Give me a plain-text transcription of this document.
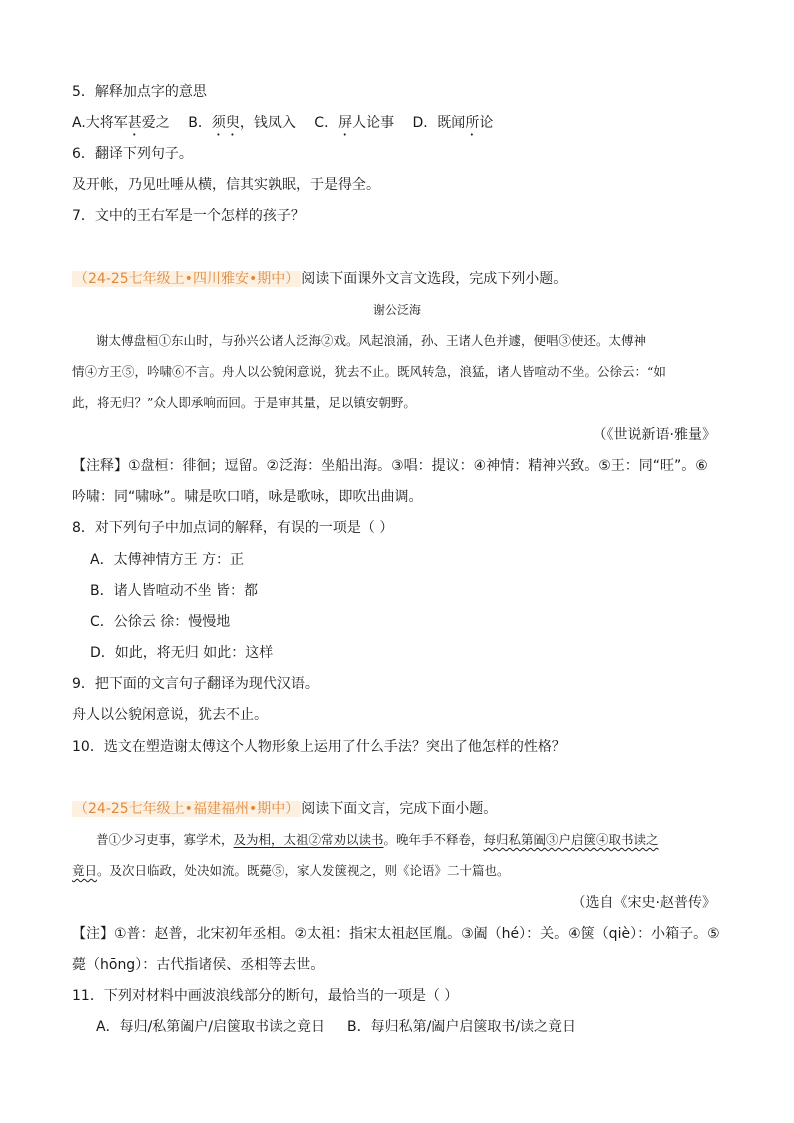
5．解释加点字的意思
A.大将军甚爱之 B．须臾，钱凤入 C．屏人论事 D．既闻所论
6．翻译下列句子。
及开帐，乃见吐唾从横，信其实孰眠，于是得全。
7．文中的王右军是一个怎样的孩子？
（24-25七年级上•四川雅安•期中） 阅读下面课外文言文选段，完成下列小题。
谢公泛海
谢太傅盘桓①东山时，与孙兴公诸人泛海②戏。风起浪涌，孙、王诸人色并遽，便唱③使还。太傅神
情④方王⑤，吟啸⑥不言。舟人以公貌闲意说，犹去不止。既风转急，浪猛，诸人皆喧动不坐。公徐云：“如
此，将无归？”众人即承响而回。于是审其量，足以镇安朝野。
（《世说新语·雅量》
【注释】①盘桓：徘徊；逗留。②泛海：坐船出海。③唱：提议：④神情：精神兴致。⑤王：同“旺”。⑥
吟啸：同“啸咏”。啸是吹口哨，咏是歌咏，即吹出曲调。
8．对下列句子中加点词的解释，有误的一项是（ ）
A．太傅神情方王 方：正
B．诸人皆喧动不坐 皆：都
C．公徐云 徐：慢慢地
D．如此，将无归 如此：这样
9．把下面的文言句子翻译为现代汉语。
舟人以公貌闲意说，犹去不止。
10．选文在塑造谢太傅这个人物形象上运用了什么手法？突出了他怎样的性格？
（24-25七年级上•福建福州•期中） 阅读下面文言，完成下面小题。
普①少习吏事，寡学术，及为相，太祖②常劝以读书。晚年手不释卷，每归私第阖③户启箧④取书读之
竟日。及次日临政，处决如流。既薨⑤，家人发箧视之，则《论语》二十篇也。
（选自《宋史·赵普传》
【注】①普：赵普，北宋初年丞相。②太祖：指宋太祖赵匡胤。③阖（hé）：关。④箧（qiè）：小箱子。⑤
薨（hōng）：古代指诸侯、丞相等去世。
11．下列对材料中画波浪线部分的断句，最恰当的一项是（ ）
A．每归/私第阖户/启箧取书读之竟日 B．每归私第/阖户启箧取书/读之竟日
